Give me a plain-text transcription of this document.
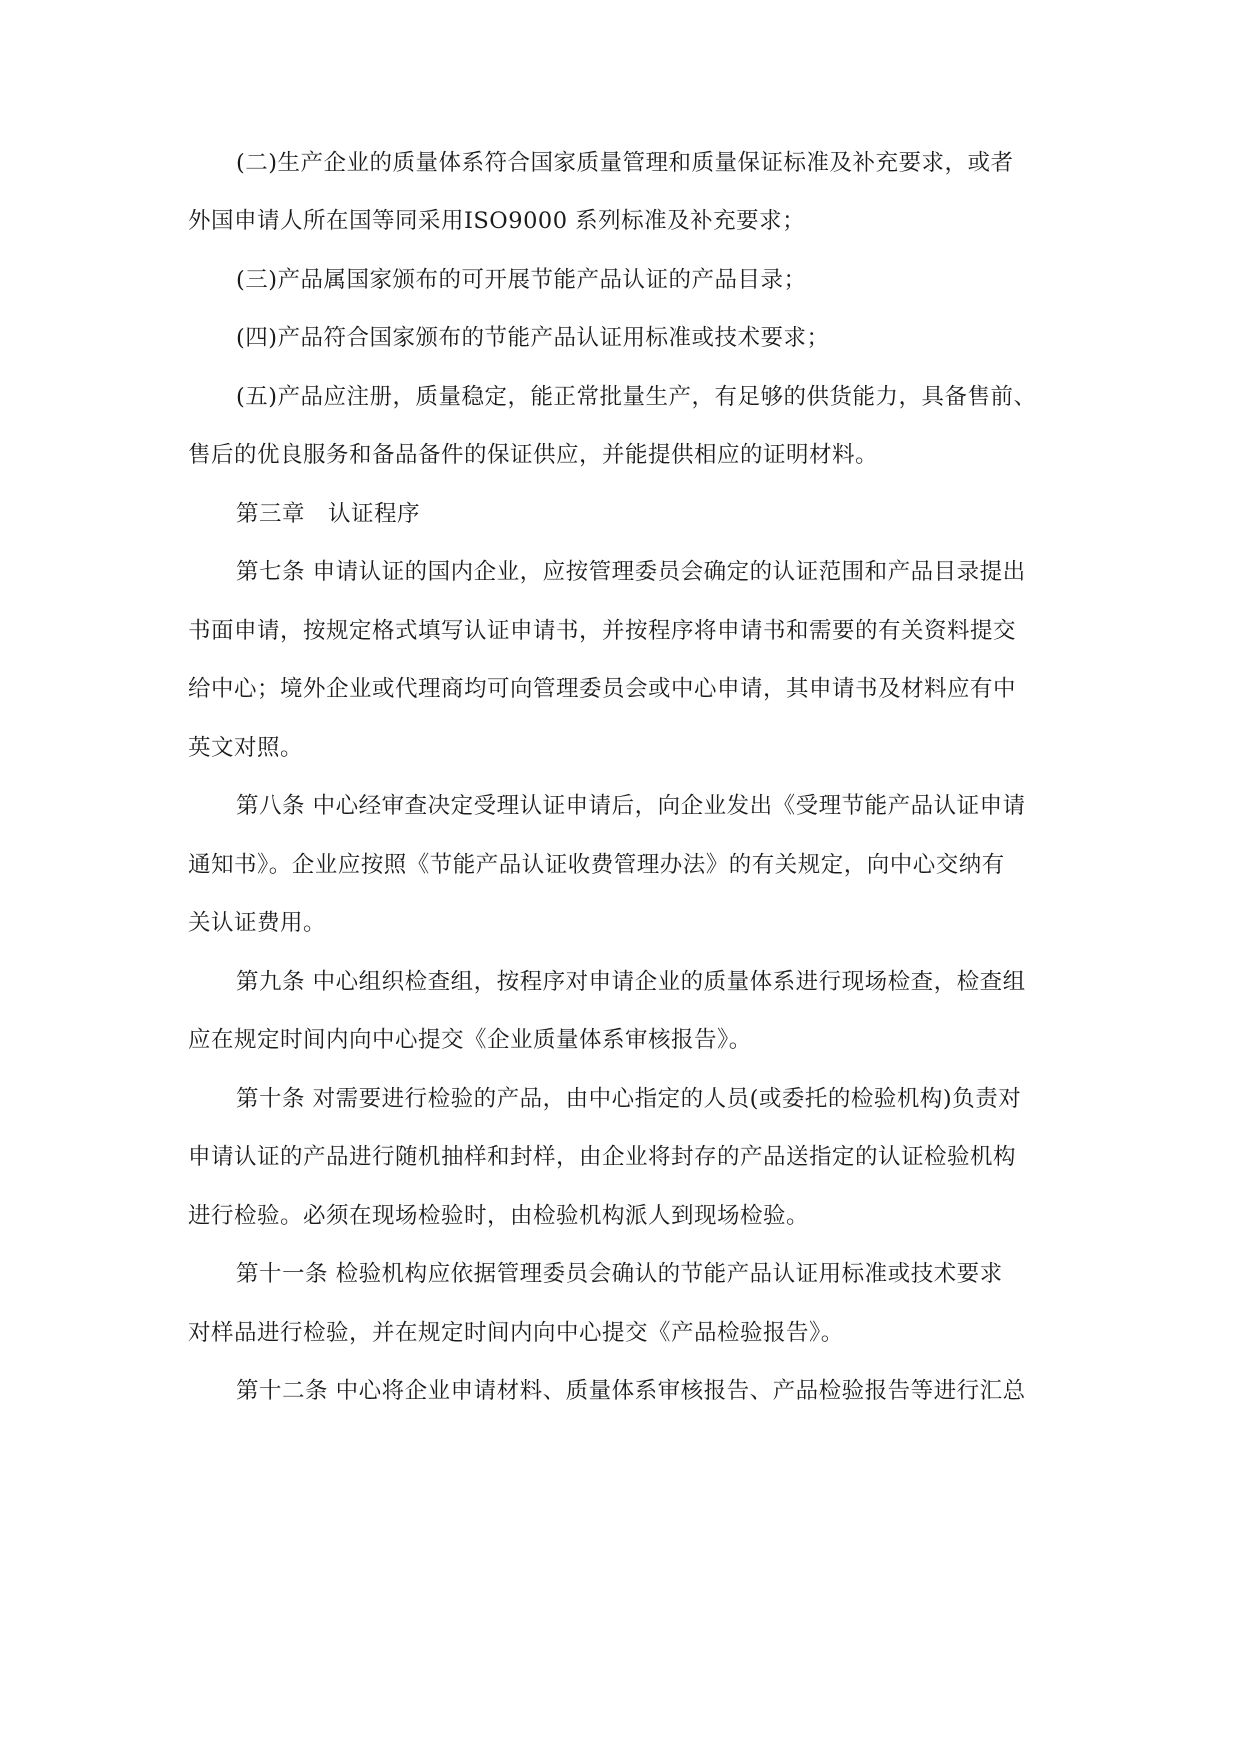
(二)生产企业的质量体系符合国家质量管理和质量保证标准及补充要求，或者
外国申请人所在国等同采用ISO9000 系列标准及补充要求；
(三)产品属国家颁布的可开展节能产品认证的产品目录；
(四)产品符合国家颁布的节能产品认证用标准或技术要求；
(五)产品应注册，质量稳定，能正常批量生产，有足够的供货能力，具备售前、
售后的优良服务和备品备件的保证供应，并能提供相应的证明材料。
第三章　认证程序
第七条 申请认证的国内企业，应按管理委员会确定的认证范围和产品目录提出
书面申请，按规定格式填写认证申请书，并按程序将申请书和需要的有关资料提交
给中心；境外企业或代理商均可向管理委员会或中心申请，其申请书及材料应有中
英文对照。
第八条 中心经审查决定受理认证申请后，向企业发出《受理节能产品认证申请
通知书》。企业应按照《节能产品认证收费管理办法》的有关规定，向中心交纳有
关认证费用。
第九条 中心组织检查组，按程序对申请企业的质量体系进行现场检查，检查组
应在规定时间内向中心提交《企业质量体系审核报告》。
第十条 对需要进行检验的产品，由中心指定的人员(或委托的检验机构)负责对
申请认证的产品进行随机抽样和封样，由企业将封存的产品送指定的认证检验机构
进行检验。必须在现场检验时，由检验机构派人到现场检验。
第十一条 检验机构应依据管理委员会确认的节能产品认证用标准或技术要求
对样品进行检验，并在规定时间内向中心提交《产品检验报告》。
第十二条 中心将企业申请材料、质量体系审核报告、产品检验报告等进行汇总
